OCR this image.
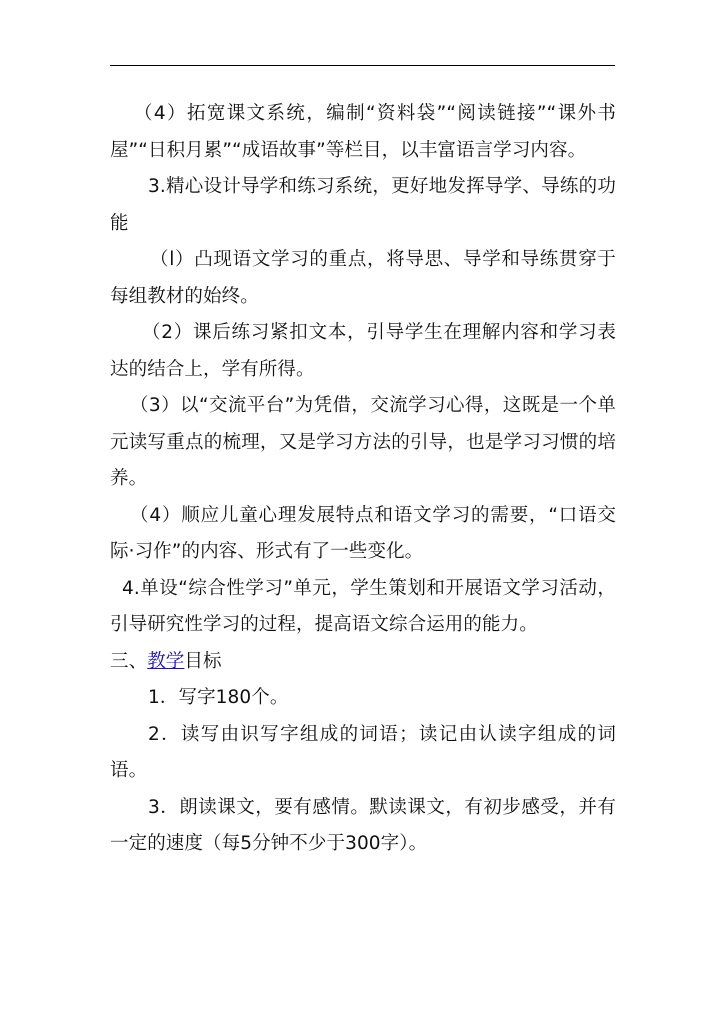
（4）拓宽课文系统，编制“资料袋”“阅读链接”“课外书屋”“日积月累”“成语故事”等栏目，以丰富语言学习内容。

3.精心设计导学和练习系统，更好地发挥导学、导练的功能

（l）凸现语文学习的重点，将导思、导学和导练贯穿于每组教材的始终。

（2）课后练习紧扣文本，引导学生在理解内容和学习表达的结合上，学有所得。

（3）以“交流平台”为凭借，交流学习心得，这既是一个单元读写重点的梳理，又是学习方法的引导，也是学习习惯的培养。

（4）顺应儿童心理发展特点和语文学习的需要，“口语交际·习作”的内容、形式有了一些变化。

4.单设“综合性学习”单元，学生策划和开展语文学习活动，引导研究性学习的过程，提高语文综合运用的能力。

三、教学目标

1．写字180个。

2．读写由识写字组成的词语；读记由认读字组成的词语。

3．朗读课文，要有感情。默读课文，有初步感受，并有一定的速度（每5分钟不少于300字）。
